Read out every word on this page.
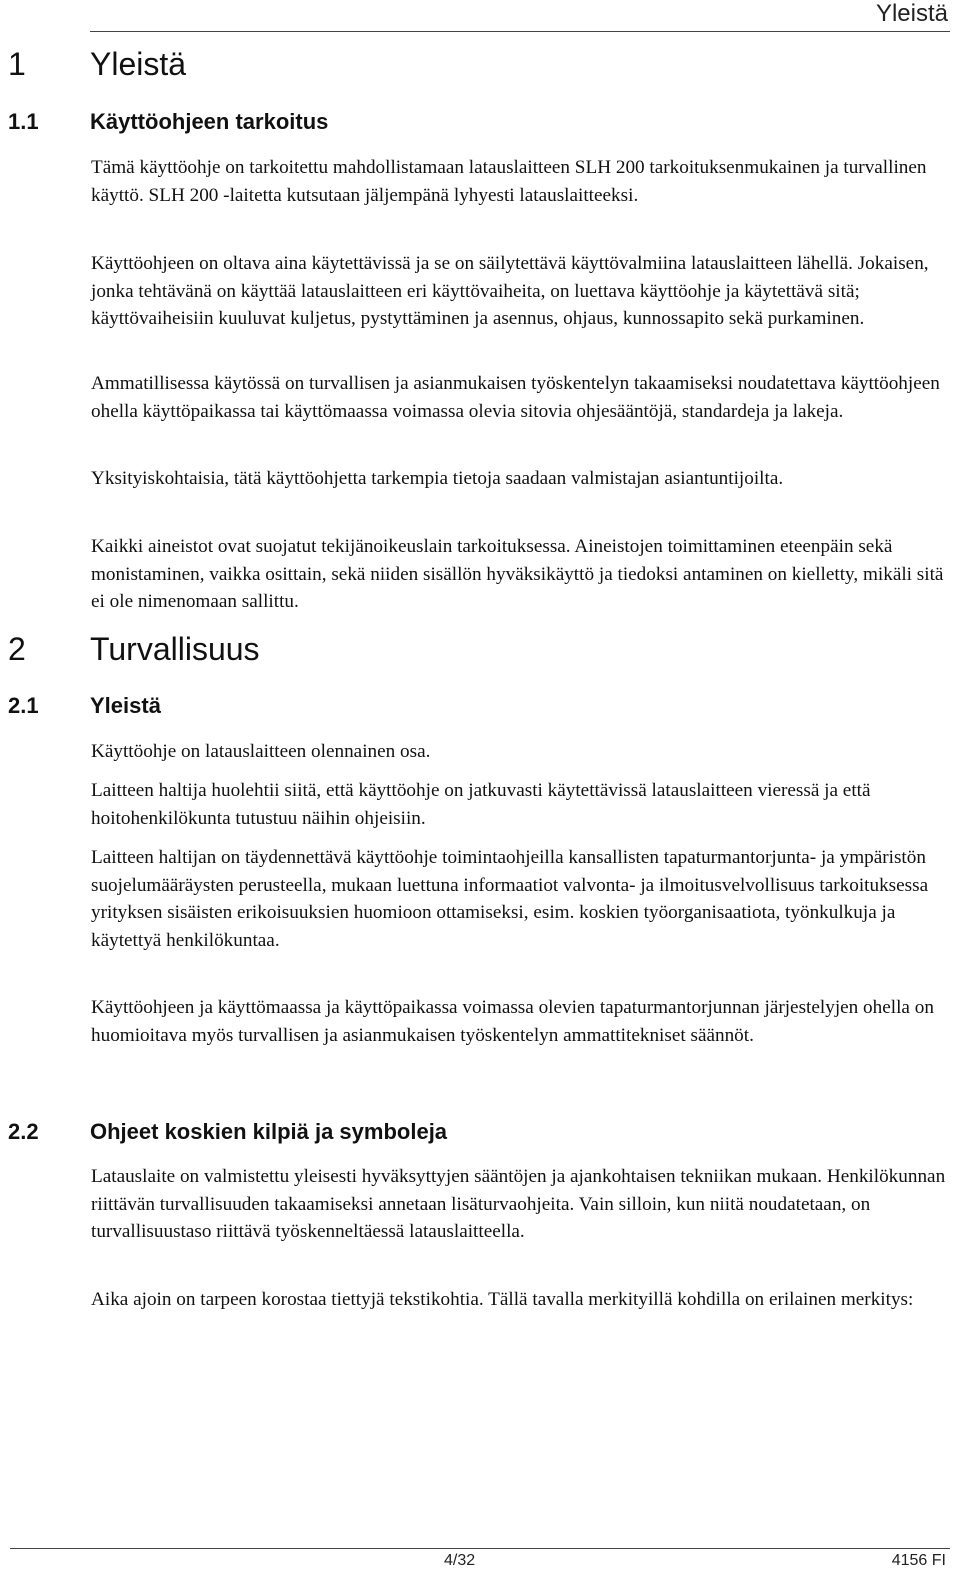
Yleistä
1 Yleistä
1.1 Käyttöohjeen tarkoitus

Tämä käyttöohje on tarkoitettu mahdollistamaan latauslaitteen SLH 200 tarkoituksenmukainen ja turvallinen käyttö. SLH 200 -laitetta kutsutaan jäljempänä lyhyesti latauslaitteeksi.

Käyttöohjeen on oltava aina käytettävissä ja se on säilytettävä käyttövalmiina latauslaitteen lähellä. Jokaisen, jonka tehtävänä on käyttää latauslaitteen eri käyttövaiheita, on luettava käyttöohje ja käytettävä sitä; käyttövaiheisiin kuuluvat kuljetus, pystyttäminen ja asennus, ohjaus, kunnossapito sekä purkaminen.

Ammatillisessa käytössä on turvallisen ja asianmukaisen työskentelyn takaamiseksi noudatettava käyttöohjeen ohella käyttöpaikassa tai käyttömaassa voimassa olevia sitovia ohjesääntöjä, standardeja ja lakeja.

Yksityiskohtaisia, tätä käyttöohjetta tarkempia tietoja saadaan valmistajan asiantuntijoilta.

Kaikki aineistot ovat suojatut tekijänoikeuslain tarkoituksessa. Aineistojen toimittaminen eteenpäin sekä monistaminen, vaikka osittain, sekä niiden sisällön hyväksikäyttö ja tiedoksi antaminen on kielletty, mikäli sitä ei ole nimenomaan sallittu.

2 Turvallisuus
2.1 Yleistä

Käyttöohje on latauslaitteen olennainen osa.

Laitteen haltija huolehtii siitä, että käyttöohje on jatkuvasti käytettävissä latauslaitteen vieressä ja että hoitohenkilökunta tutustuu näihin ohjeisiin.

Laitteen haltijan on täydennettävä käyttöohje toimintaohjeilla kansallisten tapaturmantorjunta- ja ympäristön suojelumääräysten perusteella, mukaan luettuna informaatiot valvonta- ja ilmoitusvelvollisuus tarkoituksessa yrityksen sisäisten erikoisuuksien huomioon ottamiseksi, esim. koskien työorganisaatiota, työnkulkuja ja käytettyä henkilökuntaa.

Käyttöohjeen ja käyttömaassa ja käyttöpaikassa voimassa olevien tapaturmantorjunnan järjestelyjen ohella on huomioitava myös turvallisen ja asianmukaisen työskentelyn ammattitekniset säännöt.

2.2 Ohjeet koskien kilpiä ja symboleja

Latauslaite on valmistettu yleisesti hyväksyttyjen sääntöjen ja ajankohtaisen tekniikan mukaan. Henkilökunnan riittävän turvallisuuden takaamiseksi annetaan lisäturvaohjeita. Vain silloin, kun niitä noudatetaan, on turvallisuustaso riittävä työskenneltäessä latauslaitteella.

Aika ajoin on tarpeen korostaa tiettyjä tekstikohtia. Tällä tavalla merkityillä kohdilla on erilainen merkitys:

4/32	4156 FI
